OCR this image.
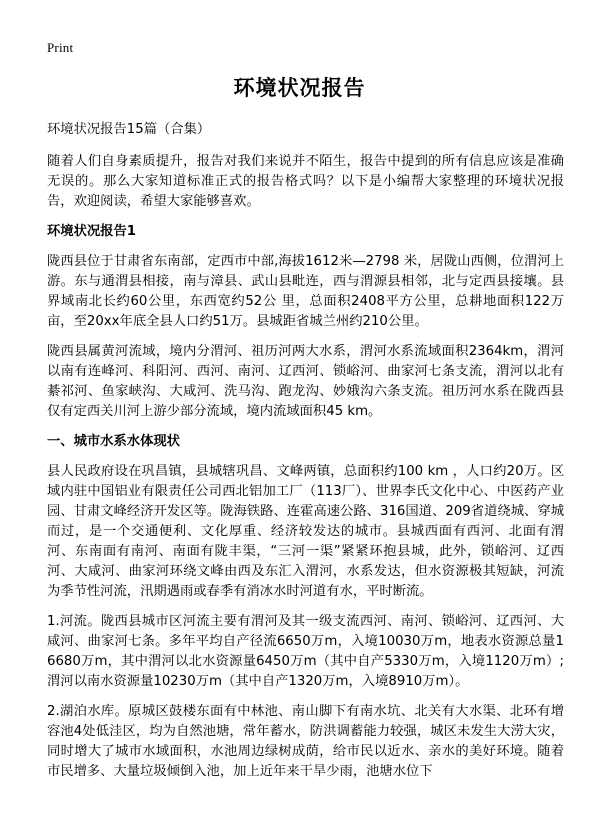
Print
环境状况报告

环境状况报告15篇（合集）

随着人们自身素质提升，报告对我们来说并不陌生，报告中提到的所有信息应该是准确无误的。那么大家知道标准正式的报告格式吗？以下是小编帮大家整理的环境状况报告，欢迎阅读，希望大家能够喜欢。

环境状况报告1

陇西县位于甘肃省东南部，定西市中部,海拔1612米—2798 米，居陇山西侧，位渭河上游。东与通渭县相接，南与漳县、武山县毗连，西与渭源县相邻，北与定西县接壤。县界域南北长约60公里，东西宽约52公 里，总面积2408平方公里，总耕地面积122万亩，至20xx年底全县人口约51万。县城距省城兰州约210公里。

陇西县属黄河流域，境内分渭河、祖历河两大水系，渭河水系流域面积2364km，渭河以南有连峰河、科阳河、西河、南河、辽西河、锁峪河、曲家河七条支流，渭河以北有綦祁河、鱼家峡沟、大咸河、洗马沟、跑龙沟、妙娥沟六条支流。祖历河水系在陇西县仅有定西关川河上游少部分流域，境内流域面积45 km。

一、城市水系水体现状

县人民政府设在巩昌镇，县城辖巩昌、文峰两镇，总面积约100 km ，人口约20万。区域内驻中国铝业有限责任公司西北铝加工厂（113厂）、世界李氏文化中心、中医药产业园、甘肃文峰经济开发区等。陇海铁路、连霍高速公路、316国道、209省道绕城、穿城而过，是一个交通便利、文化厚重、经济较发达的城市。县城西面有西河、北面有渭河、东南面有南河、南面有陇丰渠，“三河一渠”紧紧环抱县城，此外，锁峪河、辽西河、大咸河、曲家河环绕文峰由西及东汇入渭河，水系发达，但水资源极其短缺，河流为季节性河流，汛期遇雨或春季有消冰水时河道有水，平时断流。

1.河流。陇西县城市区河流主要有渭河及其一级支流西河、南河、锁峪河、辽西河、大咸河、曲家河七条。多年平均自产径流6650万m，入境10030万m，地表水资源总量16680万m，其中渭河以北水资源量6450万m（其中自产5330万m，入境1120万m）;渭河以南水资源量10230万m（其中自产1320万m，入境8910万m）。

2.湖泊水库。原城区鼓楼东面有中林池、南山脚下有南水坑、北关有大水渠、北环有增容池4处低洼区，均为自然池塘，常年蓄水，防洪调蓄能力较强，城区未发生大涝大灾，同时增大了城市水域面积，水池周边绿树成荫，给市民以近水、亲水的美好环境。随着市民增多、大量垃圾倾倒入池，加上近年来干旱少雨，池塘水位下
